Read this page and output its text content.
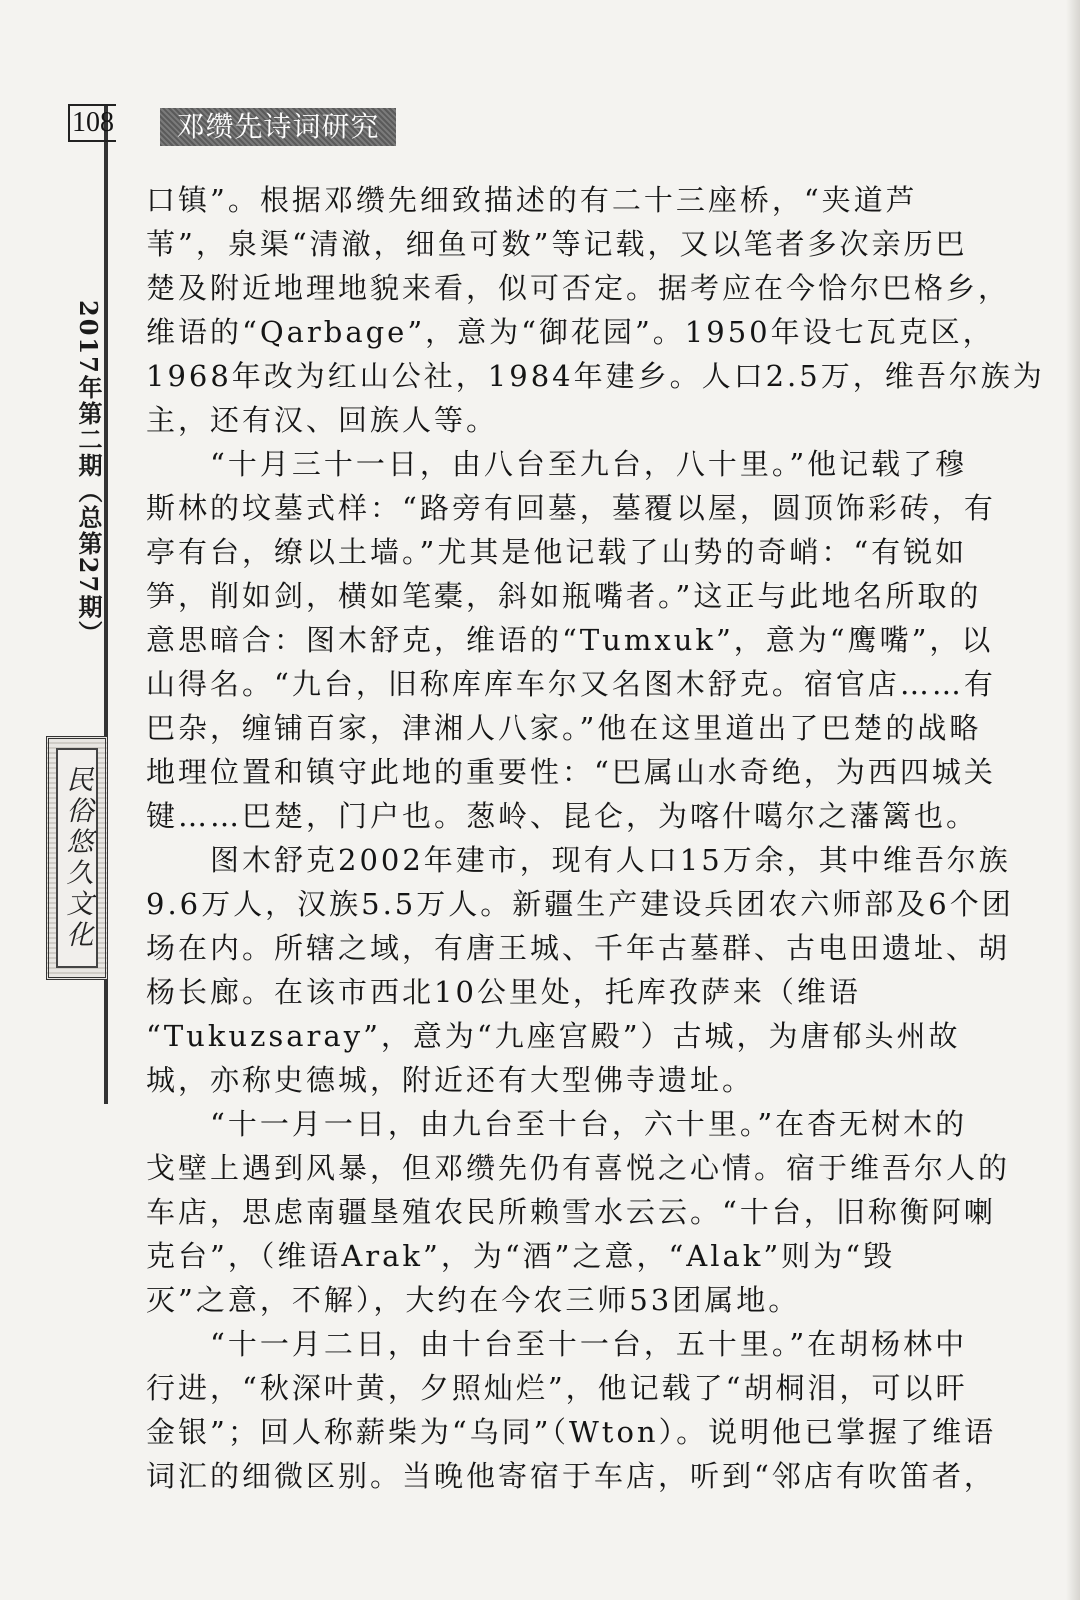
108	邓缵先诗词研究
2017年第二期（总第27期）
民俗悠久文化
口镇”。根据邓缵先细致描述的有二十三座桥，“夹道芦
苇”，泉渠“清澈，细鱼可数”等记载，又以笔者多次亲历巴
楚及附近地理地貌来看，似可否定。据考应在今恰尔巴格乡，
维语的“Qarbage”，意为“御花园”。1950年设七瓦克区，
1968年改为红山公社，1984年建乡。人口2.5万，维吾尔族为
主，还有汉、回族人等。
“十月三十一日，由八台至九台，八十里。”他记载了穆
斯林的坟墓式样：“路旁有回墓，墓覆以屋，圆顶饰彩砖，有
亭有台，缭以土墙。”尤其是他记载了山势的奇峭：“有锐如
笋，削如剑，横如笔橐，斜如瓶嘴者。”这正与此地名所取的
意思暗合：图木舒克，维语的“Tumxuk”，意为“鹰嘴”，以
山得名。“九台，旧称库库车尔又名图木舒克。宿官店……有
巴杂，缠铺百家，津湘人八家。”他在这里道出了巴楚的战略
地理位置和镇守此地的重要性：“巴属山水奇绝，为西四城关
键……巴楚，门户也。葱岭、昆仑，为喀什噶尔之藩篱也。
图木舒克2002年建市，现有人口15万余，其中维吾尔族
9.6万人，汉族5.5万人。新疆生产建设兵团农六师部及6个团
场在内。所辖之域，有唐王城、千年古墓群、古电田遗址、胡
杨长廊。在该市西北10公里处，托库孜萨来（维语
“Tukuzsaray”，意为“九座宫殿”）古城，为唐郁头州故
城，亦称史德城，附近还有大型佛寺遗址。
“十一月一日，由九台至十台，六十里。”在杳无树木的
戈壁上遇到风暴，但邓缵先仍有喜悦之心情。宿于维吾尔人的
车店，思虑南疆垦殖农民所赖雪水云云。“十台，旧称衡阿喇
克台”，（维语Arak”，为“酒”之意，“Alak”则为“毁
灭”之意，不解），大约在今农三师53团属地。
“十一月二日，由十台至十一台，五十里。”在胡杨林中
行进，“秋深叶黄，夕照灿烂”，他记载了“胡桐泪，可以旰
金银”；回人称薪柴为“乌同”（Wton）。说明他已掌握了维语
词汇的细微区别。当晚他寄宿于车店，听到“邻店有吹笛者，
